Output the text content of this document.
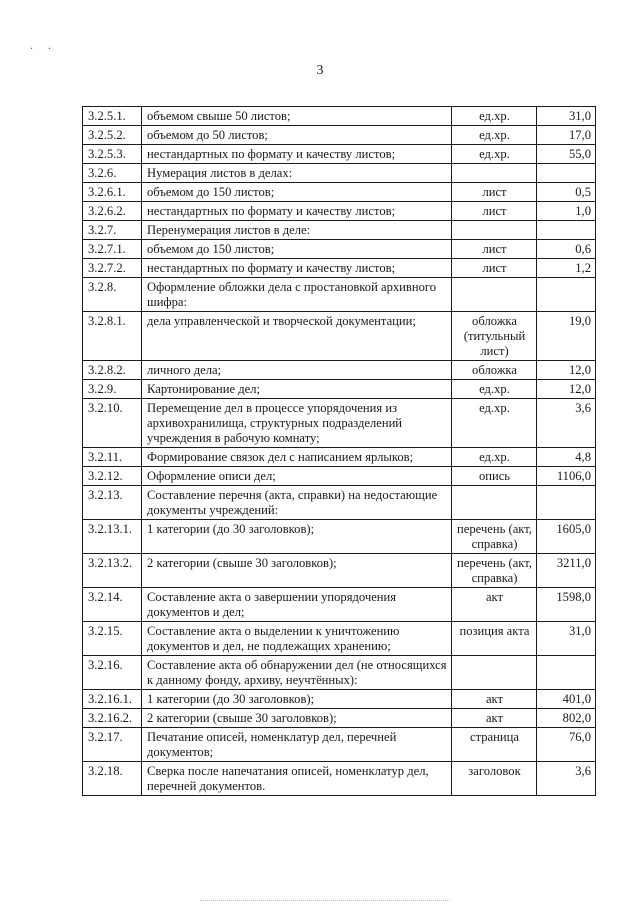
. .
3
3.2.5.1.	объемом свыше 50 листов;	ед.хр.	31,0
3.2.5.2.	объемом до 50 листов;	ед.хр.	17,0
3.2.5.3.	нестандартных по формату и качеству листов;	ед.хр.	55,0
3.2.6.	Нумерация листов в делах:		
3.2.6.1.	объемом до 150 листов;	лист	0,5
3.2.6.2.	нестандартных по формату и качеству листов;	лист	1,0
3.2.7.	Перенумерация листов в деле:		
3.2.7.1.	объемом до 150 листов;	лист	0,6
3.2.7.2.	нестандартных по формату и качеству листов;	лист	1,2
3.2.8.	Оформление обложки дела с простановкой архивного шифра:		
3.2.8.1.	дела управленческой и творческой документации;	обложка (титульный лист)	19,0
3.2.8.2.	личного дела;	обложка	12,0
3.2.9.	Картонирование дел;	ед.хр.	12,0
3.2.10.	Перемещение дел в процессе упорядочения из архивохранилища, структурных подразделений учреждения в рабочую комнату;	ед.хр.	3,6
3.2.11.	Формирование связок дел с написанием ярлыков;	ед.хр.	4,8
3.2.12.	Оформление описи дел;	опись	1106,0
3.2.13.	Составление перечня (акта, справки) на недостающие документы учреждений:		
3.2.13.1.	1 категории (до 30 заголовков);	перечень (акт, справка)	1605,0
3.2.13.2.	2 категории (свыше 30 заголовков);	перечень (акт, справка)	3211,0
3.2.14.	Составление акта о завершении упорядочения документов и дел;	акт	1598,0
3.2.15.	Составление акта о выделении к уничтожению документов и дел, не подлежащих хранению;	позиция акта	31,0
3.2.16.	Составление акта об обнаружении дел (не относящихся к данному фонду, архиву, неучтённых):		
3.2.16.1.	1 категории (до 30 заголовков);	акт	401,0
3.2.16.2.	2 категории (свыше 30 заголовков);	акт	802,0
3.2.17.	Печатание описей, номенклатур дел, перечней документов;	страница	76,0
3.2.18.	Сверка после напечатания описей, номенклатур дел, перечней документов.	заголовок	3,6
